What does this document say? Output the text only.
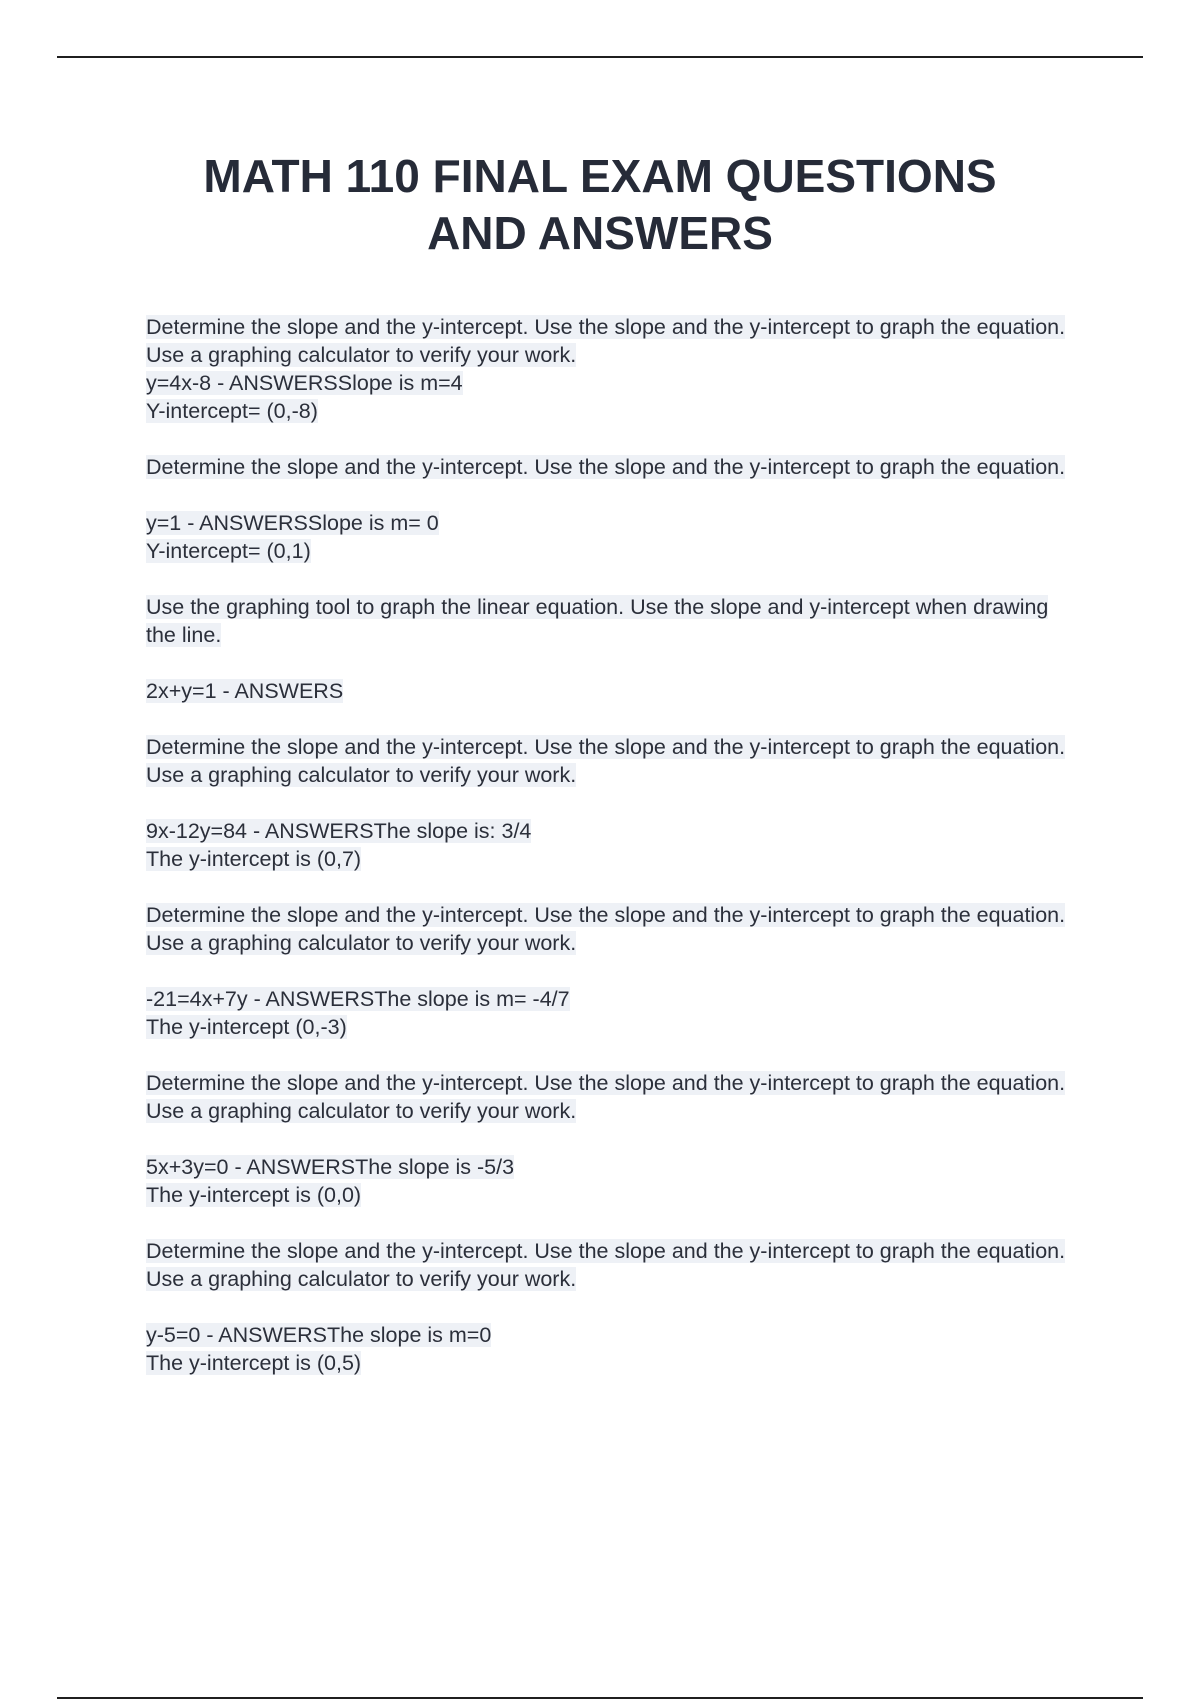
MATH 110 FINAL EXAM QUESTIONS
AND ANSWERS
Determine the slope and the y-intercept. Use the slope and the y-intercept to graph the equation. Use a graphing calculator to verify your work.
y=4x-8 - ANSWERSSlope is m=4
Y-intercept= (0,-8)
Determine the slope and the y-intercept. Use the slope and the y-intercept to graph the equation.
y=1 - ANSWERSSlope is m= 0
Y-intercept= (0,1)
Use the graphing tool to graph the linear equation. Use the slope and y-intercept when drawing the line.
2x+y=1 - ANSWERS
Determine the slope and the y-intercept. Use the slope and the y-intercept to graph the equation. Use a graphing calculator to verify your work.
9x-12y=84 - ANSWERSThe slope is: 3/4
The y-intercept is (0,7)
Determine the slope and the y-intercept. Use the slope and the y-intercept to graph the equation. Use a graphing calculator to verify your work.
-21=4x+7y - ANSWERSThe slope is m= -4/7
The y-intercept (0,-3)
Determine the slope and the y-intercept. Use the slope and the y-intercept to graph the equation. Use a graphing calculator to verify your work.
5x+3y=0 - ANSWERSThe slope is -5/3
The y-intercept is (0,0)
Determine the slope and the y-intercept. Use the slope and the y-intercept to graph the equation. Use a graphing calculator to verify your work.
y-5=0 - ANSWERSThe slope is m=0
The y-intercept is (0,5)
